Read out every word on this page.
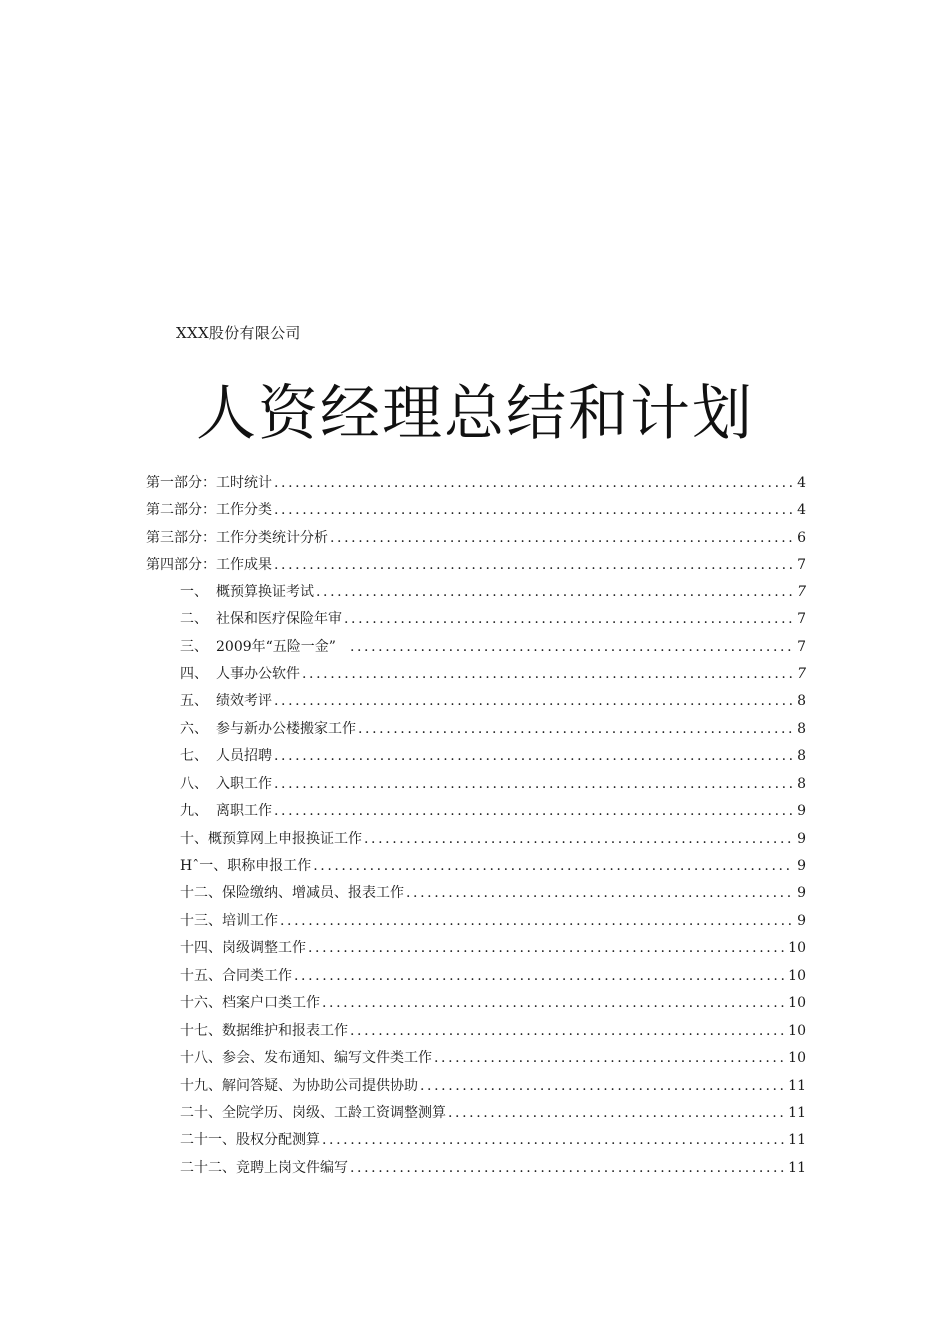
XXX股份有限公司
人资经理总结和计划
第一部分：工时统计 .....	4
第二部分：工作分类 .....	4
第三部分：工作分类统计分析 .....	6
第四部分：工作成果 .....	7
一、 概预算换证考试 .....	7
二、 社保和医疗保险年审 .....	7
三、 2009年“五险一金” .....	7
四、 人事办公软件 .....	7
五、 绩效考评 .....	8
六、 参与新办公楼搬家工作 .....	8
七、 人员招聘 .....	8
八、 入职工作 .....	8
九、 离职工作 .....	9
十、概预算网上申报换证工作 .....	9
Hˆ一、职称申报工作 .....	9
十二、保险缴纳、增减员、报表工作 .....	9
十三、培训工作 .....	9
十四、岗级调整工作 .....	10
十五、合同类工作 .....	10
十六、档案户口类工作 .....	10
十七、数据维护和报表工作 .....	10
十八、参会、发布通知、编写文件类工作 .....	10
十九、解问答疑、为协助公司提供协助 .....	11
二十、全院学历、岗级、工龄工资调整测算 .....	11
二十一、股权分配测算 .....	11
二十二、竞聘上岗文件编写 .....	11
